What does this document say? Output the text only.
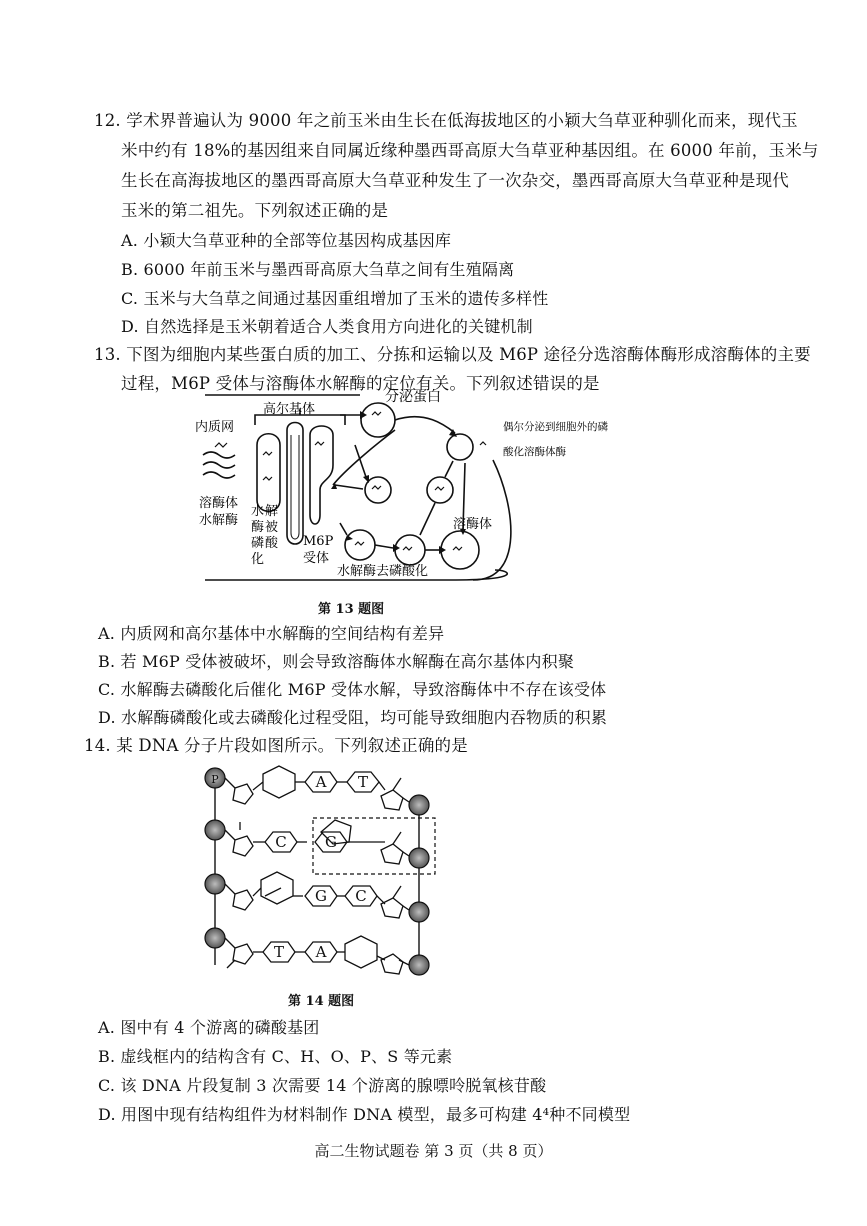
12. 学术界普遍认为 9000 年之前玉米由生长在低海拔地区的小颖大刍草亚种驯化而来，现代玉
米中约有 18%的基因组来自同属近缘种墨西哥高原大刍草亚种基因组。在 6000 年前，玉米与
生长在高海拔地区的墨西哥高原大刍草亚种发生了一次杂交，墨西哥高原大刍草亚种是现代
玉米的第二祖先。下列叙述正确的是
A. 小颖大刍草亚种的全部等位基因构成基因库
B. 6000 年前玉米与墨西哥高原大刍草之间有生殖隔离
C. 玉米与大刍草之间通过基因重组增加了玉米的遗传多样性
D. 自然选择是玉米朝着适合人类食用方向进化的关键机制
13. 下图为细胞内某些蛋白质的加工、分拣和运输以及 M6P 途径分选溶酶体酶形成溶酶体的主要
过程，M6P 受体与溶酶体水解酶的定位有关。下列叙述错误的是
分泌蛋白
偶尔分泌到细胞外的磷
酸化溶酶体酶
内质网
高尔基体
溶酶体
水解酶
水 解
酶 被
磷 酸
化
M6P
受体
溶酶体
水解酶去磷酸化
第 13 题图
A. 内质网和高尔基体中水解酶的空间结构有差异
B. 若 M6P 受体被破坏，则会导致溶酶体水解酶在高尔基体内积聚
C. 水解酶去磷酸化后催化 M6P 受体水解，导致溶酶体中不存在该受体
D. 水解酶磷酸化或去磷酸化过程受阻，均可能导致细胞内吞物质的积累
14. 某 DNA 分子片段如图所示。下列叙述正确的是
P	A T
C	G
G C
T A
第 14 题图
A. 图中有 4 个游离的磷酸基团
B. 虚线框内的结构含有 C、H、O、P、S 等元素
C. 该 DNA 片段复制 3 次需要 14 个游离的腺嘌呤脱氧核苷酸
D. 用图中现有结构组件为材料制作 DNA 模型，最多可构建 4⁴种不同模型
高二生物试题卷 第 3 页（共 8 页）
